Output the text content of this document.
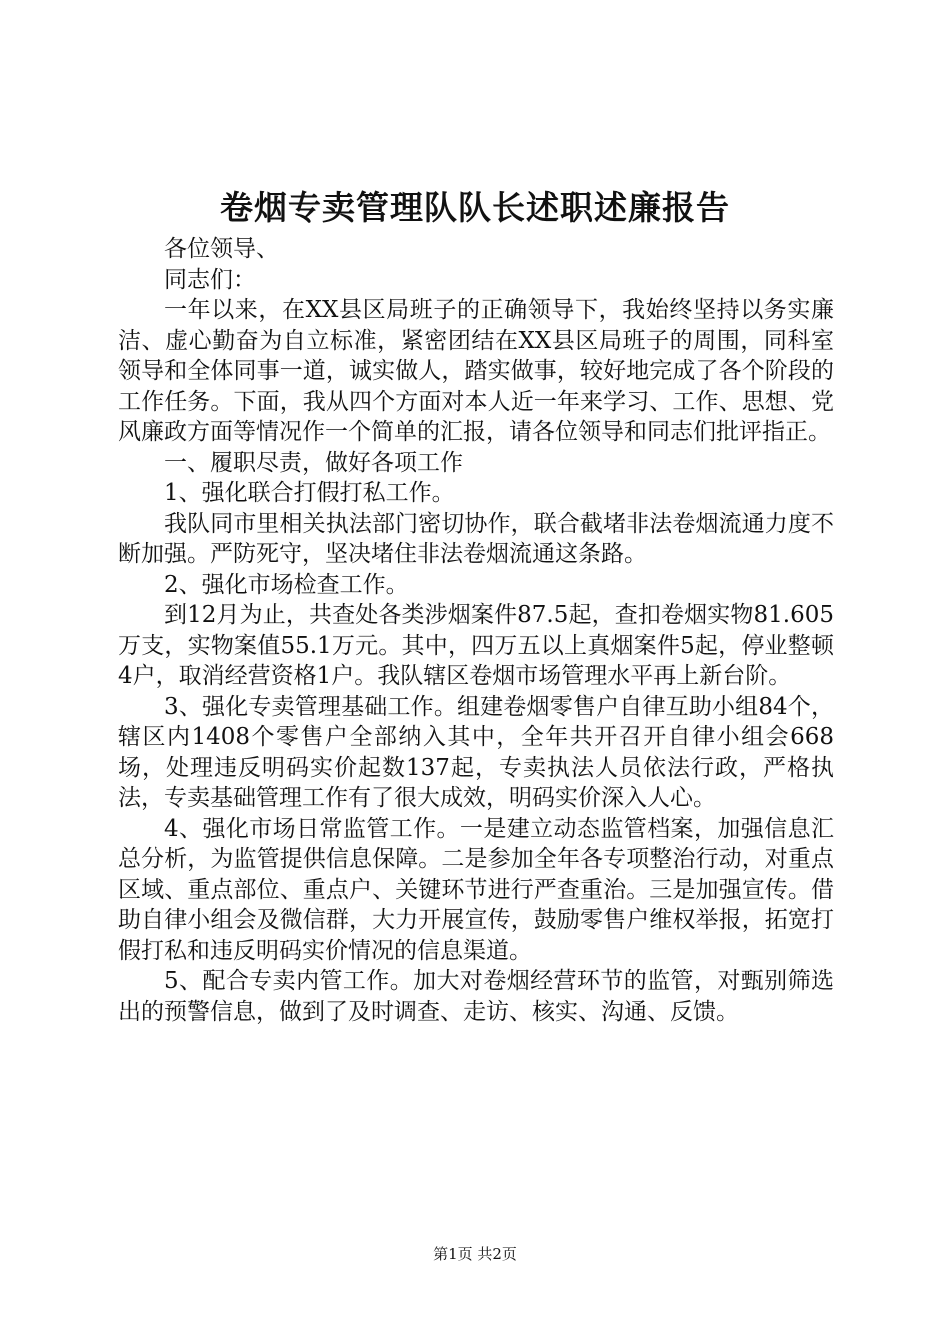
卷烟专卖管理队队长述职述廉报告

各位领导、

同志们：

一年以来，在XX县区局班子的正确领导下，我始终坚持以务实廉洁、虚心勤奋为自立标准，紧密团结在XX县区局班子的周围，同科室领导和全体同事一道，诚实做人，踏实做事，较好地完成了各个阶段的工作任务。下面，我从四个方面对本人近一年来学习、工作、思想、党风廉政方面等情况作一个简单的汇报，请各位领导和同志们批评指正。

一、履职尽责，做好各项工作

1、强化联合打假打私工作。

我队同市里相关执法部门密切协作，联合截堵非法卷烟流通力度不断加强。严防死守，坚决堵住非法卷烟流通这条路。

2、强化市场检查工作。

到12月为止，共查处各类涉烟案件87.5起，查扣卷烟实物81.605万支，实物案值55.1万元。其中，四万五以上真烟案件5起，停业整顿4户，取消经营资格1户。我队辖区卷烟市场管理水平再上新台阶。

3、强化专卖管理基础工作。组建卷烟零售户自律互助小组84个，辖区内1408个零售户全部纳入其中，全年共开召开自律小组会668场，处理违反明码实价起数137起，专卖执法人员依法行政，严格执法，专卖基础管理工作有了很大成效，明码实价深入人心。

4、强化市场日常监管工作。一是建立动态监管档案，加强信息汇总分析，为监管提供信息保障。二是参加全年各专项整治行动，对重点区域、重点部位、重点户、关键环节进行严查重治。三是加强宣传。借助自律小组会及微信群，大力开展宣传，鼓励零售户维权举报，拓宽打假打私和违反明码实价情况的信息渠道。

5、配合专卖内管工作。加大对卷烟经营环节的监管，对甄别筛选出的预警信息，做到了及时调查、走访、核实、沟通、反馈。

第1页 共2页
